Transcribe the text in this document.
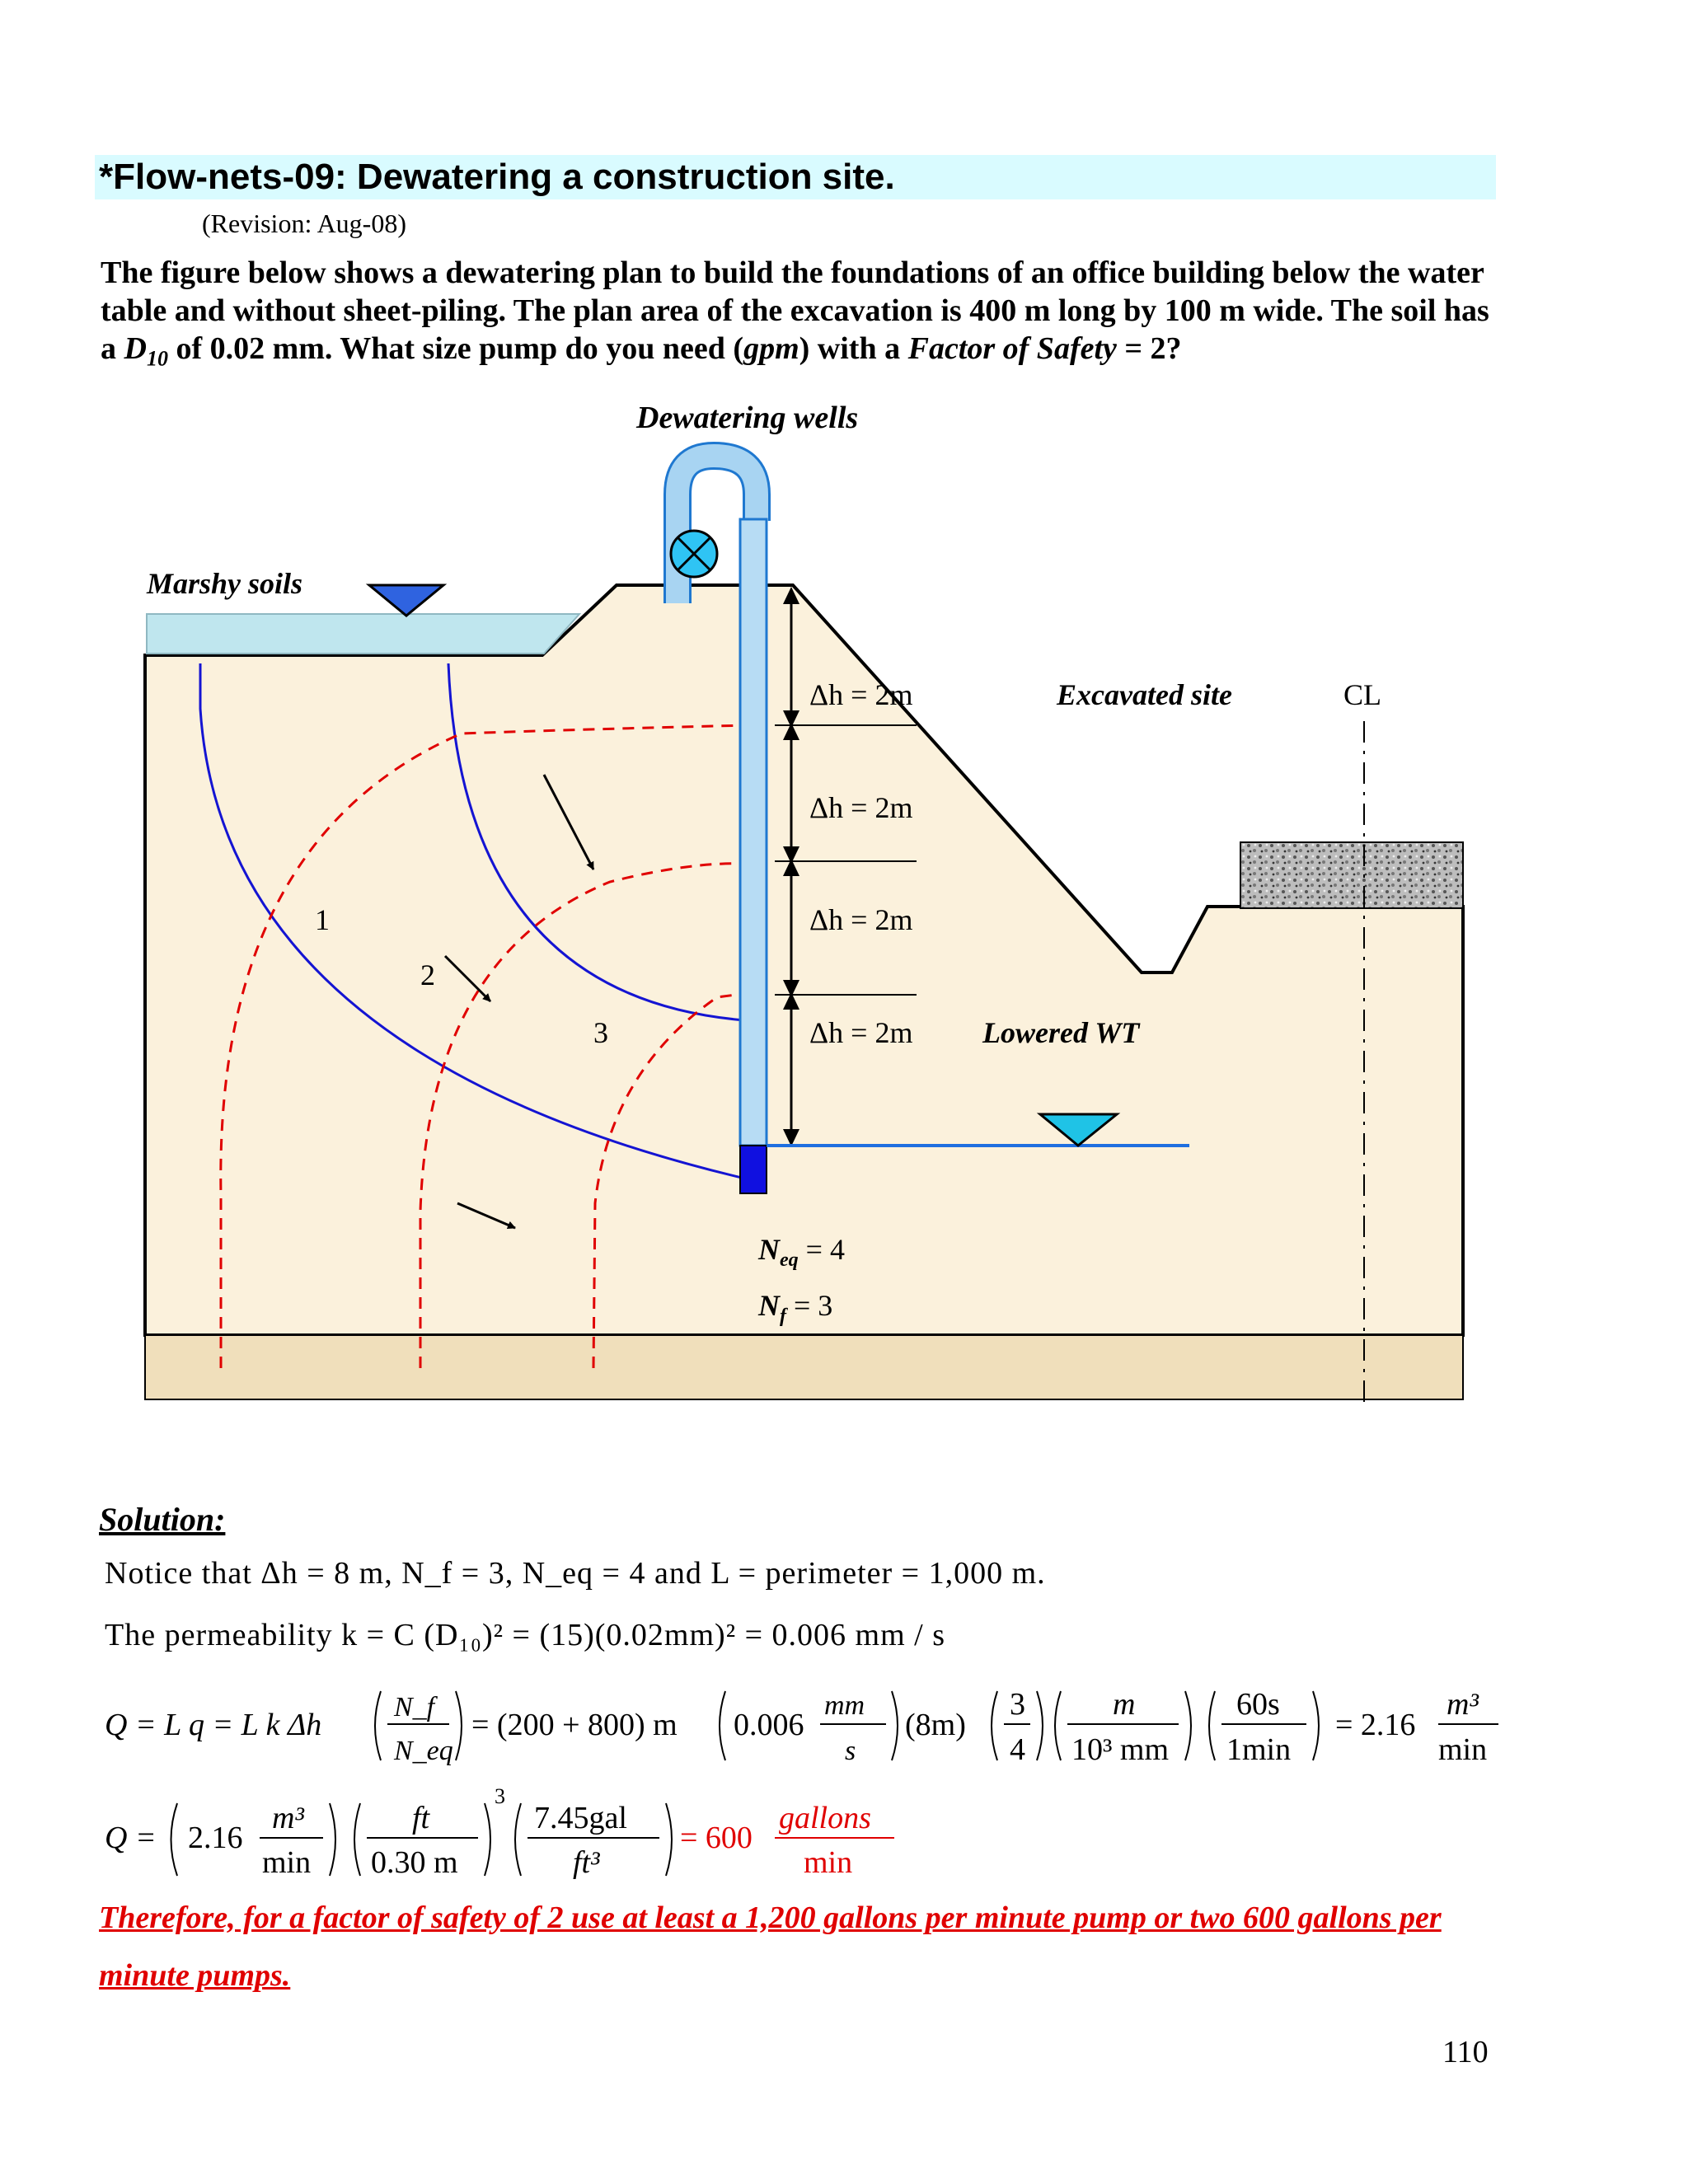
*Flow-nets-09: Dewatering a construction site.
(Revision: Aug-08)
The figure below shows a dewatering plan to build the foundations of an office building below the water table and without sheet-piling. The plan area of the excavation is 400 m long by 100 m wide. The soil has a $D_{10}$ of 0.02 mm. What size pump do you need (gpm) with a Factor of Safety = 2?
Dewatering wells
Marshy soils
Excavated site	CL
Lowered WT
Δh = 2m
Δh = 2m
Δh = 2m
Δh = 2m
1
2
3
$N_{eq} = 4$
$N_f = 3$
Solution:
Notice that Δh = 8 m, N_f = 3, N_eq = 4 and L = perimeter = 1,000 m.
The permeability k = C (D₁₀)² = (15)(0.02mm)² = 0.006 mm / s
Q = L q = L k Δh
N_f
N_eq
= (200 + 800) m 0.006
mm
s
(8m)
3
4
m
10³ mm
60s
1min
= 2.16
m³
min
Q = 2.16
m³
min
ft
0.30 m
3
7.45gal
ft³
= 600
gallons
min
Therefore, for a factor of safety of 2 use at least a 1,200 gallons per minute pump or two 600 gallons per minute pumps.
110
